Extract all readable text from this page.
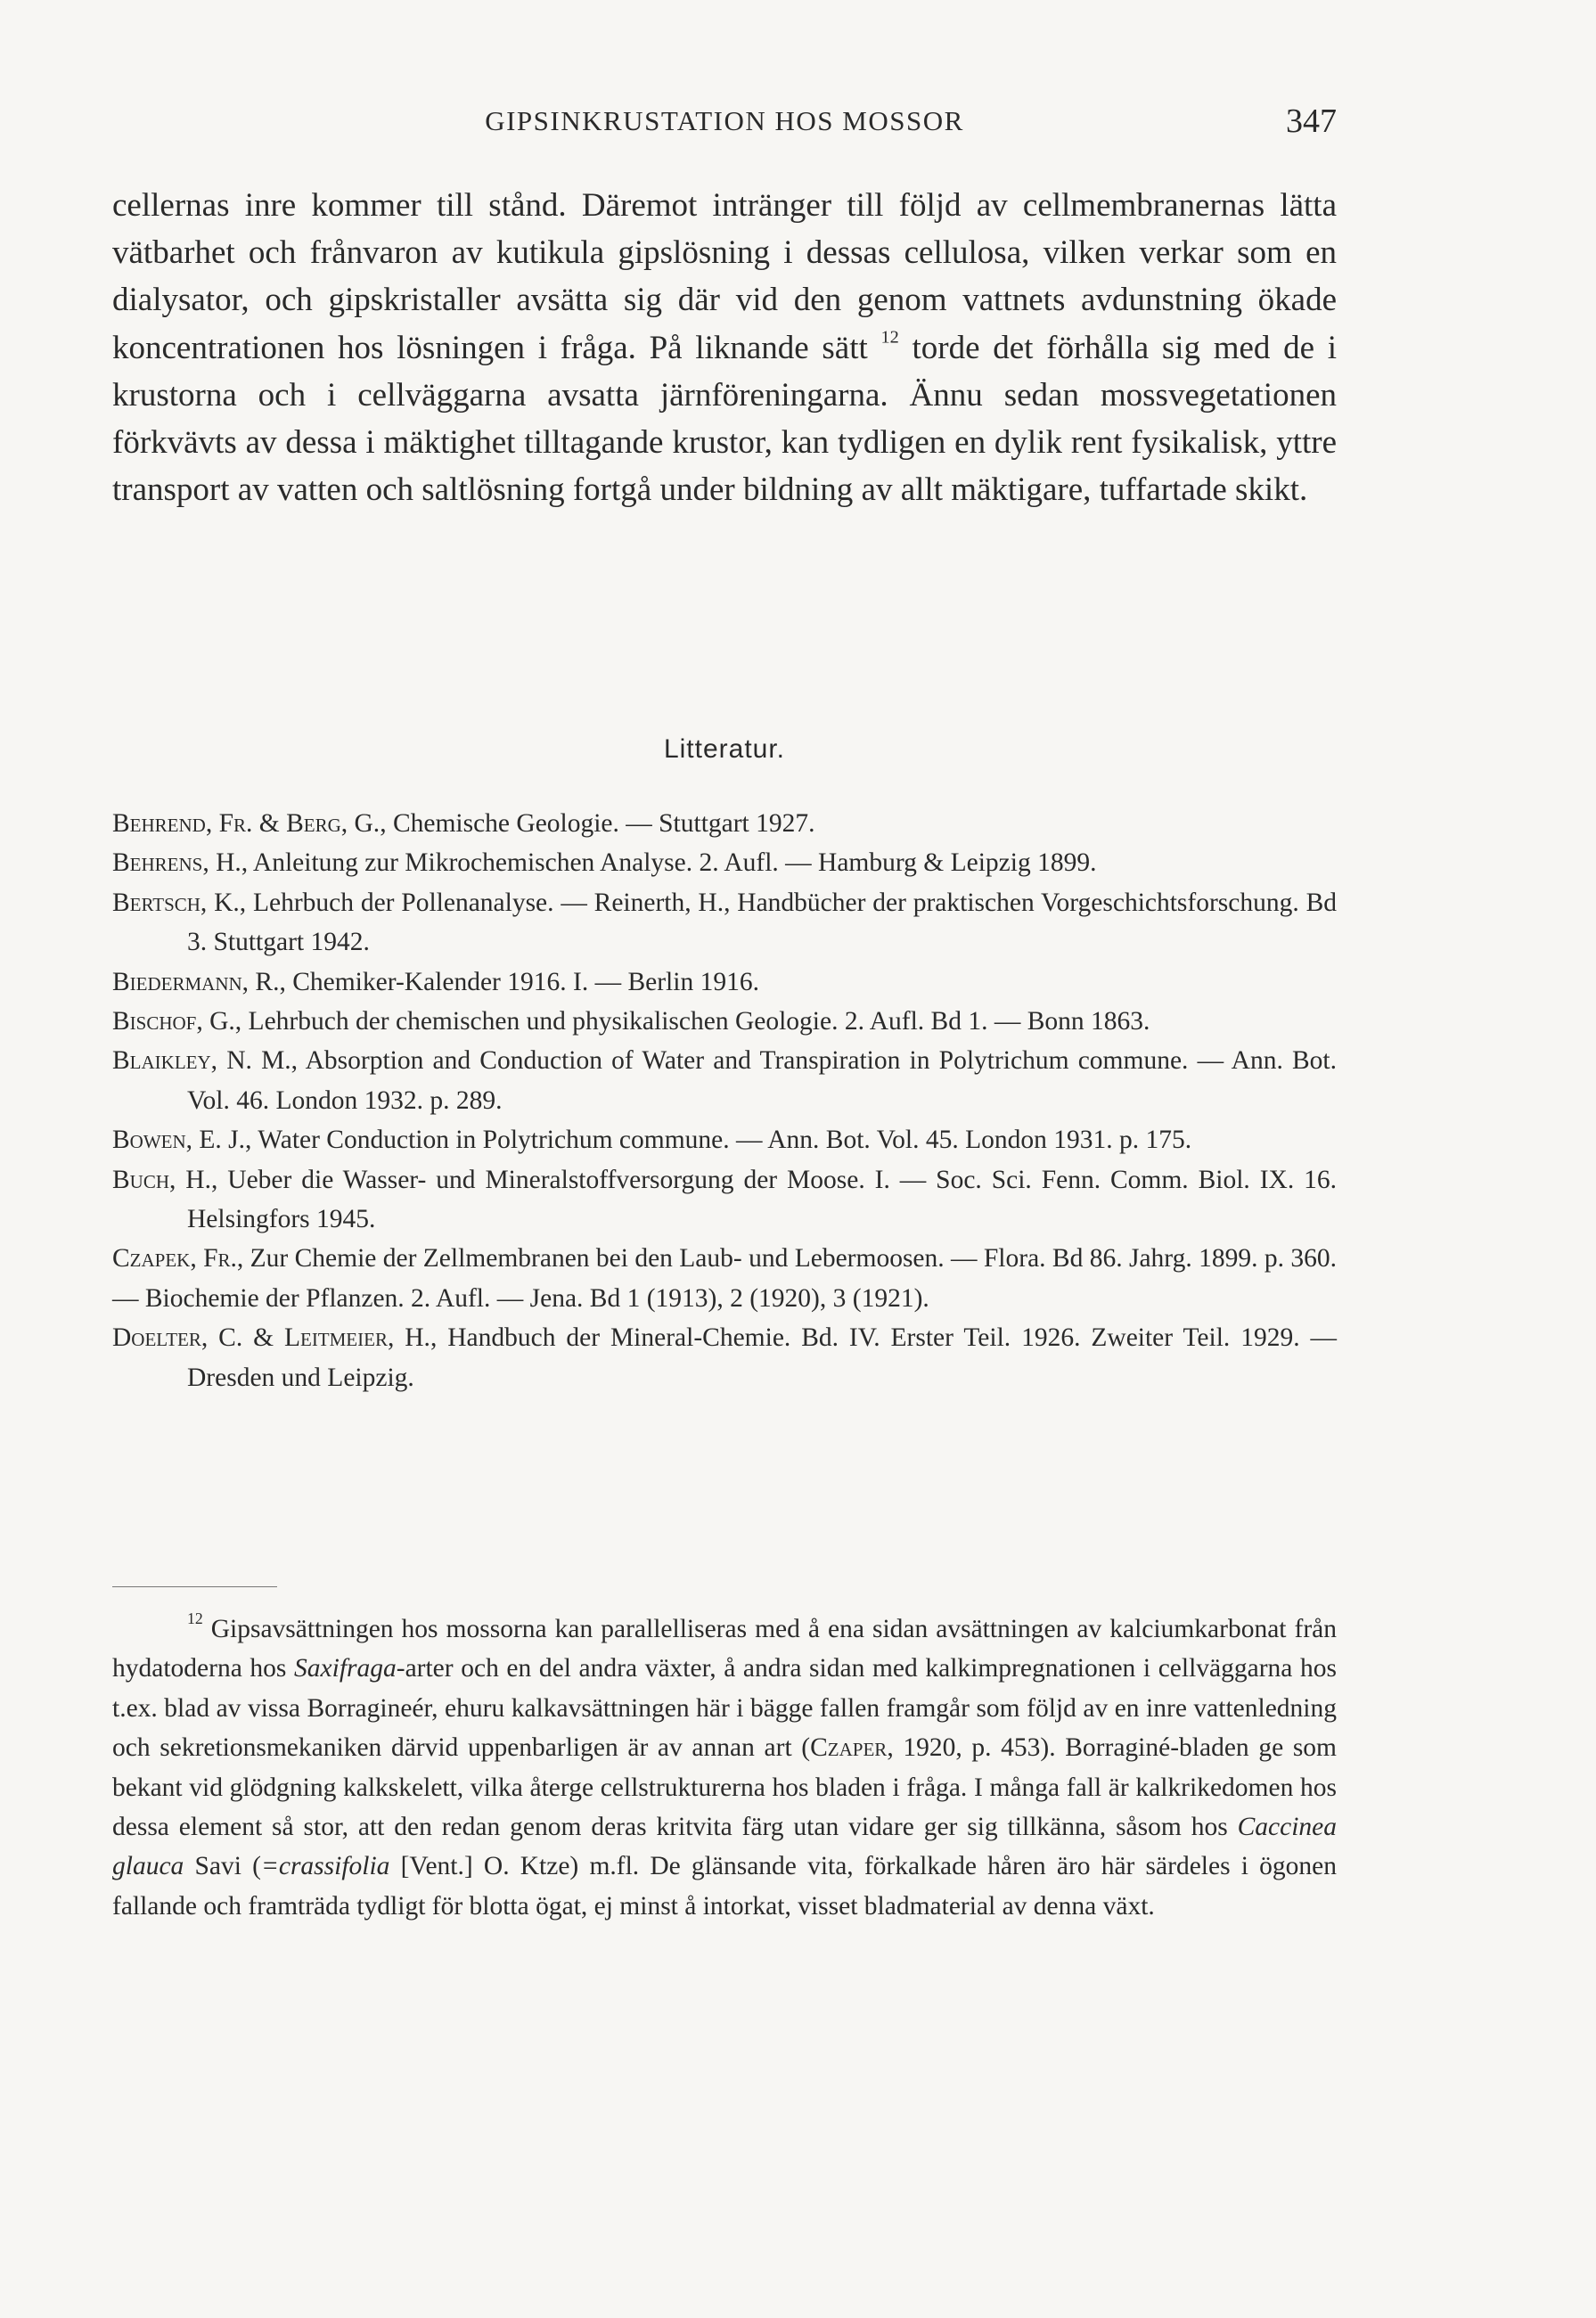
GIPSINKRUSTATION HOS MOSSOR	347

cellernas inre kommer till stånd. Däremot intränger till följd av cellmembranernas lätta vätbarhet och frånvaron av kutikula gipslösning i dessas cellulosa, vilken verkar som en dialysator, och gipskristaller avsätta sig där vid den genom vattnets avdunstning ökade koncentrationen hos lösningen i fråga. På liknande sätt $^{12}$ torde det förhålla sig med de i krustorna och i cellväggarna avsatta järnföreningarna. Ännu sedan mossvegetationen förkvävts av dessa i mäktighet tilltagande krustor, kan tydligen en dylik rent fysikalisk, yttre transport av vatten och saltlösning fortgå under bildning av allt mäktigare, tuffartade skikt.

Litteratur.

Behrend, Fr. & Berg, G., Chemische Geologie. — Stuttgart 1927.

Behrens, H., Anleitung zur Mikrochemischen Analyse. 2. Aufl. — Hamburg & Leipzig 1899.

Bertsch, K., Lehrbuch der Pollenanalyse. — Reinerth, H., Handbücher der praktischen Vorgeschichtsforschung. Bd 3. Stuttgart 1942.

Biedermann, R., Chemiker-Kalender 1916. I. — Berlin 1916.

Bischof, G., Lehrbuch der chemischen und physikalischen Geologie. 2. Aufl. Bd 1. — Bonn 1863.

Blaikley, N. M., Absorption and Conduction of Water and Transpiration in Polytrichum commune. — Ann. Bot. Vol. 46. London 1932. p. 289.

Bowen, E. J., Water Conduction in Polytrichum commune. — Ann. Bot. Vol. 45. London 1931. p. 175.

Buch, H., Ueber die Wasser- und Mineralstoffversorgung der Moose. I. — Soc. Sci. Fenn. Comm. Biol. IX. 16. Helsingfors 1945.

Czapek, Fr., Zur Chemie der Zellmembranen bei den Laub- und Lebermoosen. — Flora. Bd 86. Jahrg. 1899. p. 360.

— Biochemie der Pflanzen. 2. Aufl. — Jena. Bd 1 (1913), 2 (1920), 3 (1921).

Doelter, C. & Leitmeier, H., Handbuch der Mineral-Chemie. Bd. IV. Erster Teil. 1926. Zweiter Teil. 1929. — Dresden und Leipzig.

$^{12}$ Gipsavsättningen hos mossorna kan parallelliseras med å ena sidan avsättningen av kalciumkarbonat från hydatoderna hos Saxifraga-arter och en del andra växter, å andra sidan med kalkimpregnationen i cellväggarna hos t.ex. blad av vissa Borragineér, ehuru kalkavsättningen här i bägge fallen framgår som följd av en inre vattenledning och sekretionsmekaniken därvid uppenbarligen är av annan art (Czaper, 1920, p. 453). Borraginé-bladen ge som bekant vid glödgning kalkskelett, vilka återge cellstrukturerna hos bladen i fråga. I många fall är kalkrikedomen hos dessa element så stor, att den redan genom deras kritvita färg utan vidare ger sig tillkänna, såsom hos Caccinea glauca Savi (=crassifolia [Vent.] O. Ktze) m.fl. De glänsande vita, förkalkade håren äro här särdeles i ögonen fallande och framträda tydligt för blotta ögat, ej minst å intorkat, visset bladmaterial av denna växt.
